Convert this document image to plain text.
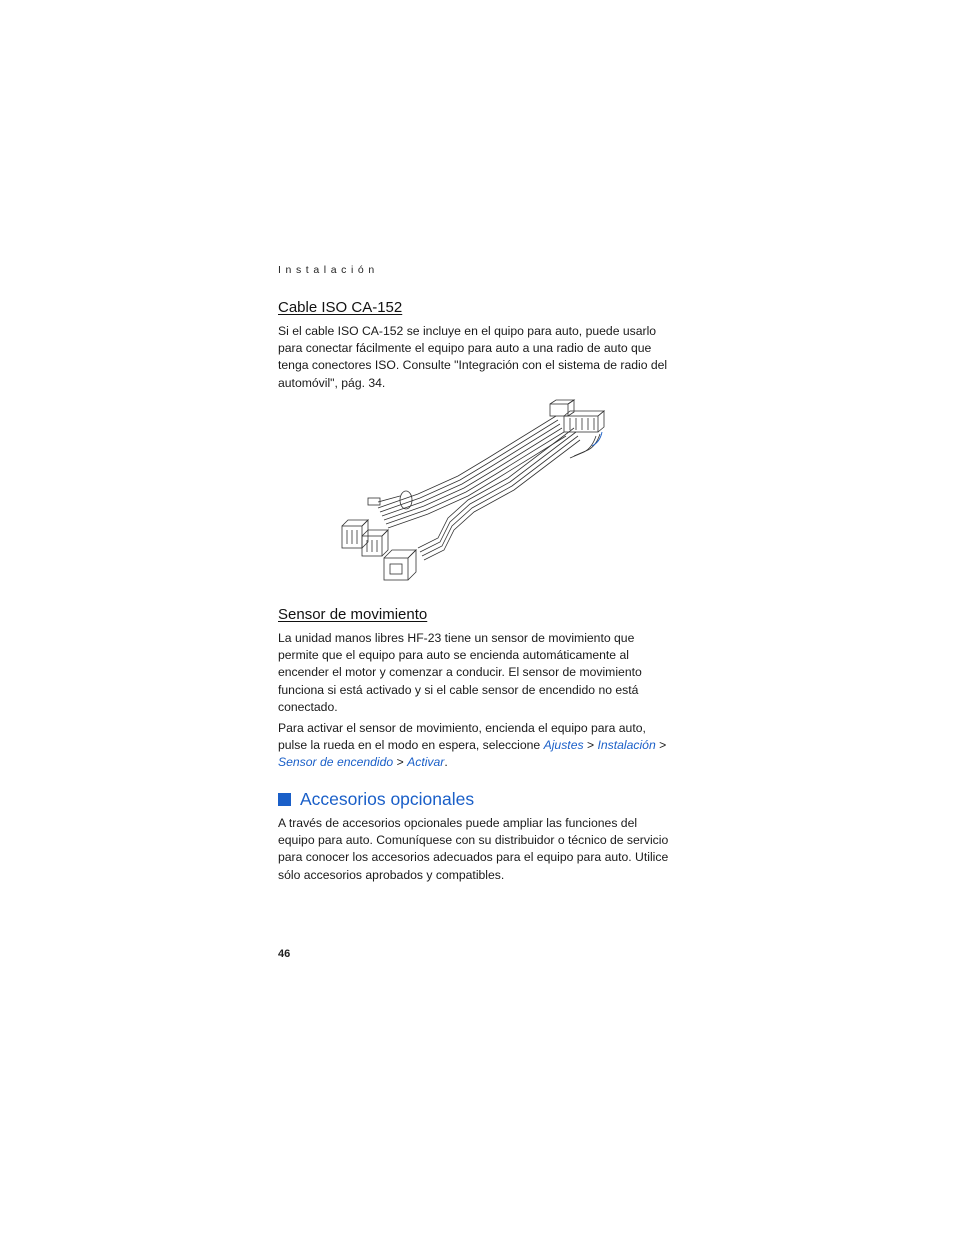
Instalación
Cable ISO CA-152

Si el cable ISO CA-152 se incluye en el quipo para auto, puede usarlo
para conectar fácilmente el equipo para auto a una radio de auto que
tenga conectores ISO. Consulte "Integración con el sistema de radio del
automóvil", pág. 34.

Sensor de movimiento

La unidad manos libres HF-23 tiene un sensor de movimiento que
permite que el equipo para auto se encienda automáticamente al
encender el motor y comenzar a conducir. El sensor de movimiento
funciona si está activado y si el cable sensor de encendido no está
conectado.

Para activar el sensor de movimiento, encienda el equipo para auto,
pulse la rueda en el modo en espera, seleccione Ajustes > Instalación >
Sensor de encendido > Activar.

Accesorios opcionales

A través de accesorios opcionales puede ampliar las funciones del
equipo para auto. Comuníquese con su distribuidor o técnico de servicio
para conocer los accesorios adecuados para el equipo para auto. Utilice
sólo accesorios aprobados y compatibles.

46
